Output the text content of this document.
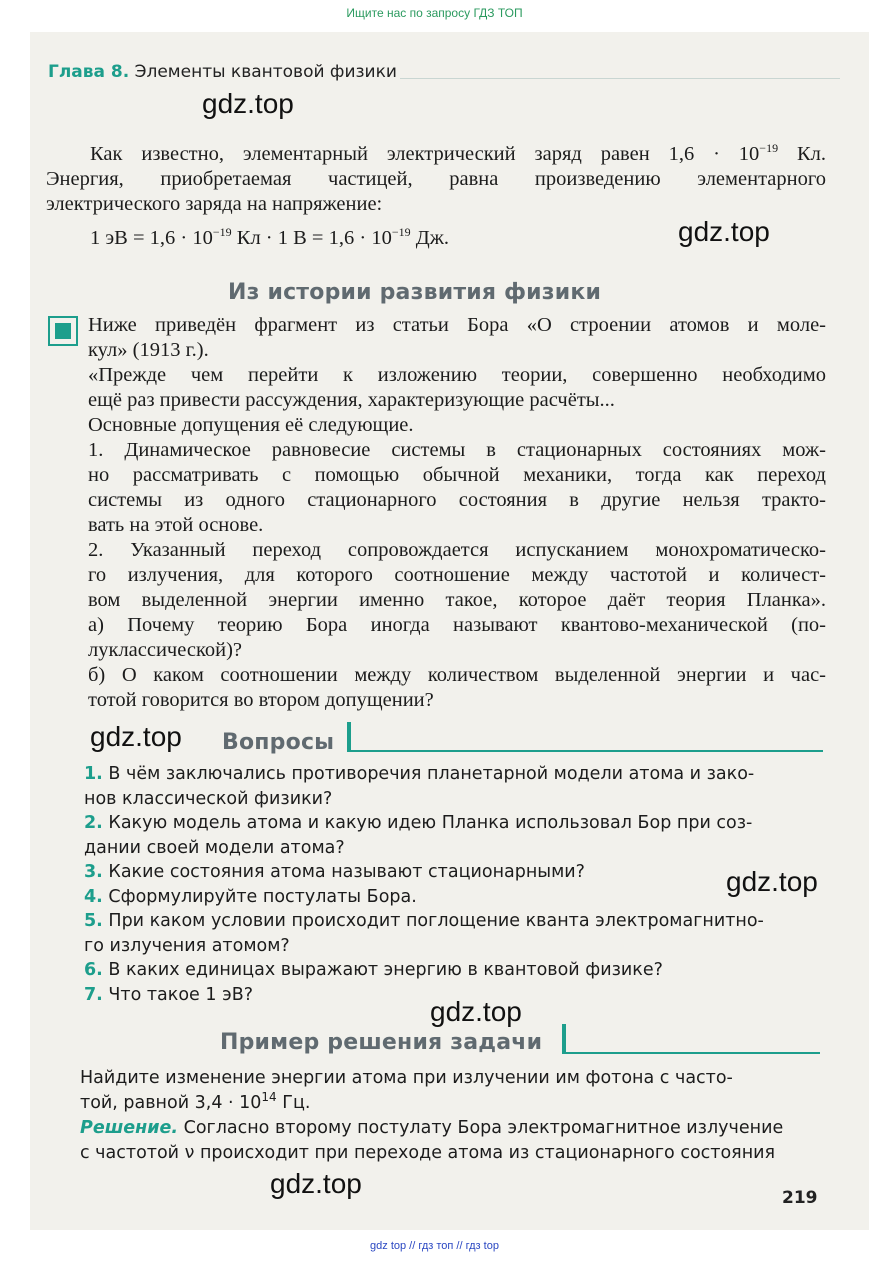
Ищите нас по запросу ГДЗ ТОП
Глава 8. Элементы квантовой физики
gdz.top
gdz.top
gdz.top
gdz.top
gdz.top
gdz.top

Как известно, элементарный электрический заряд равен $1,6 \cdot 10^{-19}$ Кл.

Энергия, приобретаемая частицей, равна произведению элементарного

электрического заряда на напряжение:

1 эВ = $1,6 \cdot 10^{-19}$ Кл · 1 $В = 1,6 \cdot 10^{-19}$ Дж.
Из истории развития физики

Ниже приведён фрагмент из статьи Бора «О строении атомов и моле-

кул» (1913 г.).

«Прежде чем перейти к изложению теории, совершенно необходимо

ещё раз привести рассуждения, характеризующие расчёты...

Основные допущения её следующие.

1. Динамическое равновесие системы в стационарных состояниях мож-

но рассматривать с помощью обычной механики, тогда как переход

системы из одного стационарного состояния в другие нельзя тракто-

вать на этой основе.

2. Указанный переход сопровождается испусканием монохроматическо-

го излучения, для которого соотношение между частотой и количест-

вом выделенной энергии именно такое, которое даёт теория Планка».

а) Почему теорию Бора иногда называют квантово-механической (по-

луклассической)?

б) О каком соотношении между количеством выделенной энергии и час-

тотой говорится во втором допущении?

Вопросы
1. В чём заключались противоречия планетарной модели атома и зако-
нов классической физики?
2. Какую модель атома и какую идею Планка использовал Бор при соз-
дании своей модели атома?
3. Какие состояния атома называют стационарными?
4. Сформулируйте постулаты Бора.
5. При каком условии происходит поглощение кванта электромагнитно-
го излучения атомом?
6. В каких единицах выражают энергию в квантовой физике?
7. Что такое 1 эВ?
Пример решения задачи

Найдите изменение энергии атома при излучении им фотона с часто-

той, равной $3,4 \cdot 10^{14}$ Гц.

Решение. Согласно второму постулату Бора электромагнитное излучение

с частотой ν происходит при переходе атома из стационарного состояния

219
gdz top // гдз топ // гдз top
